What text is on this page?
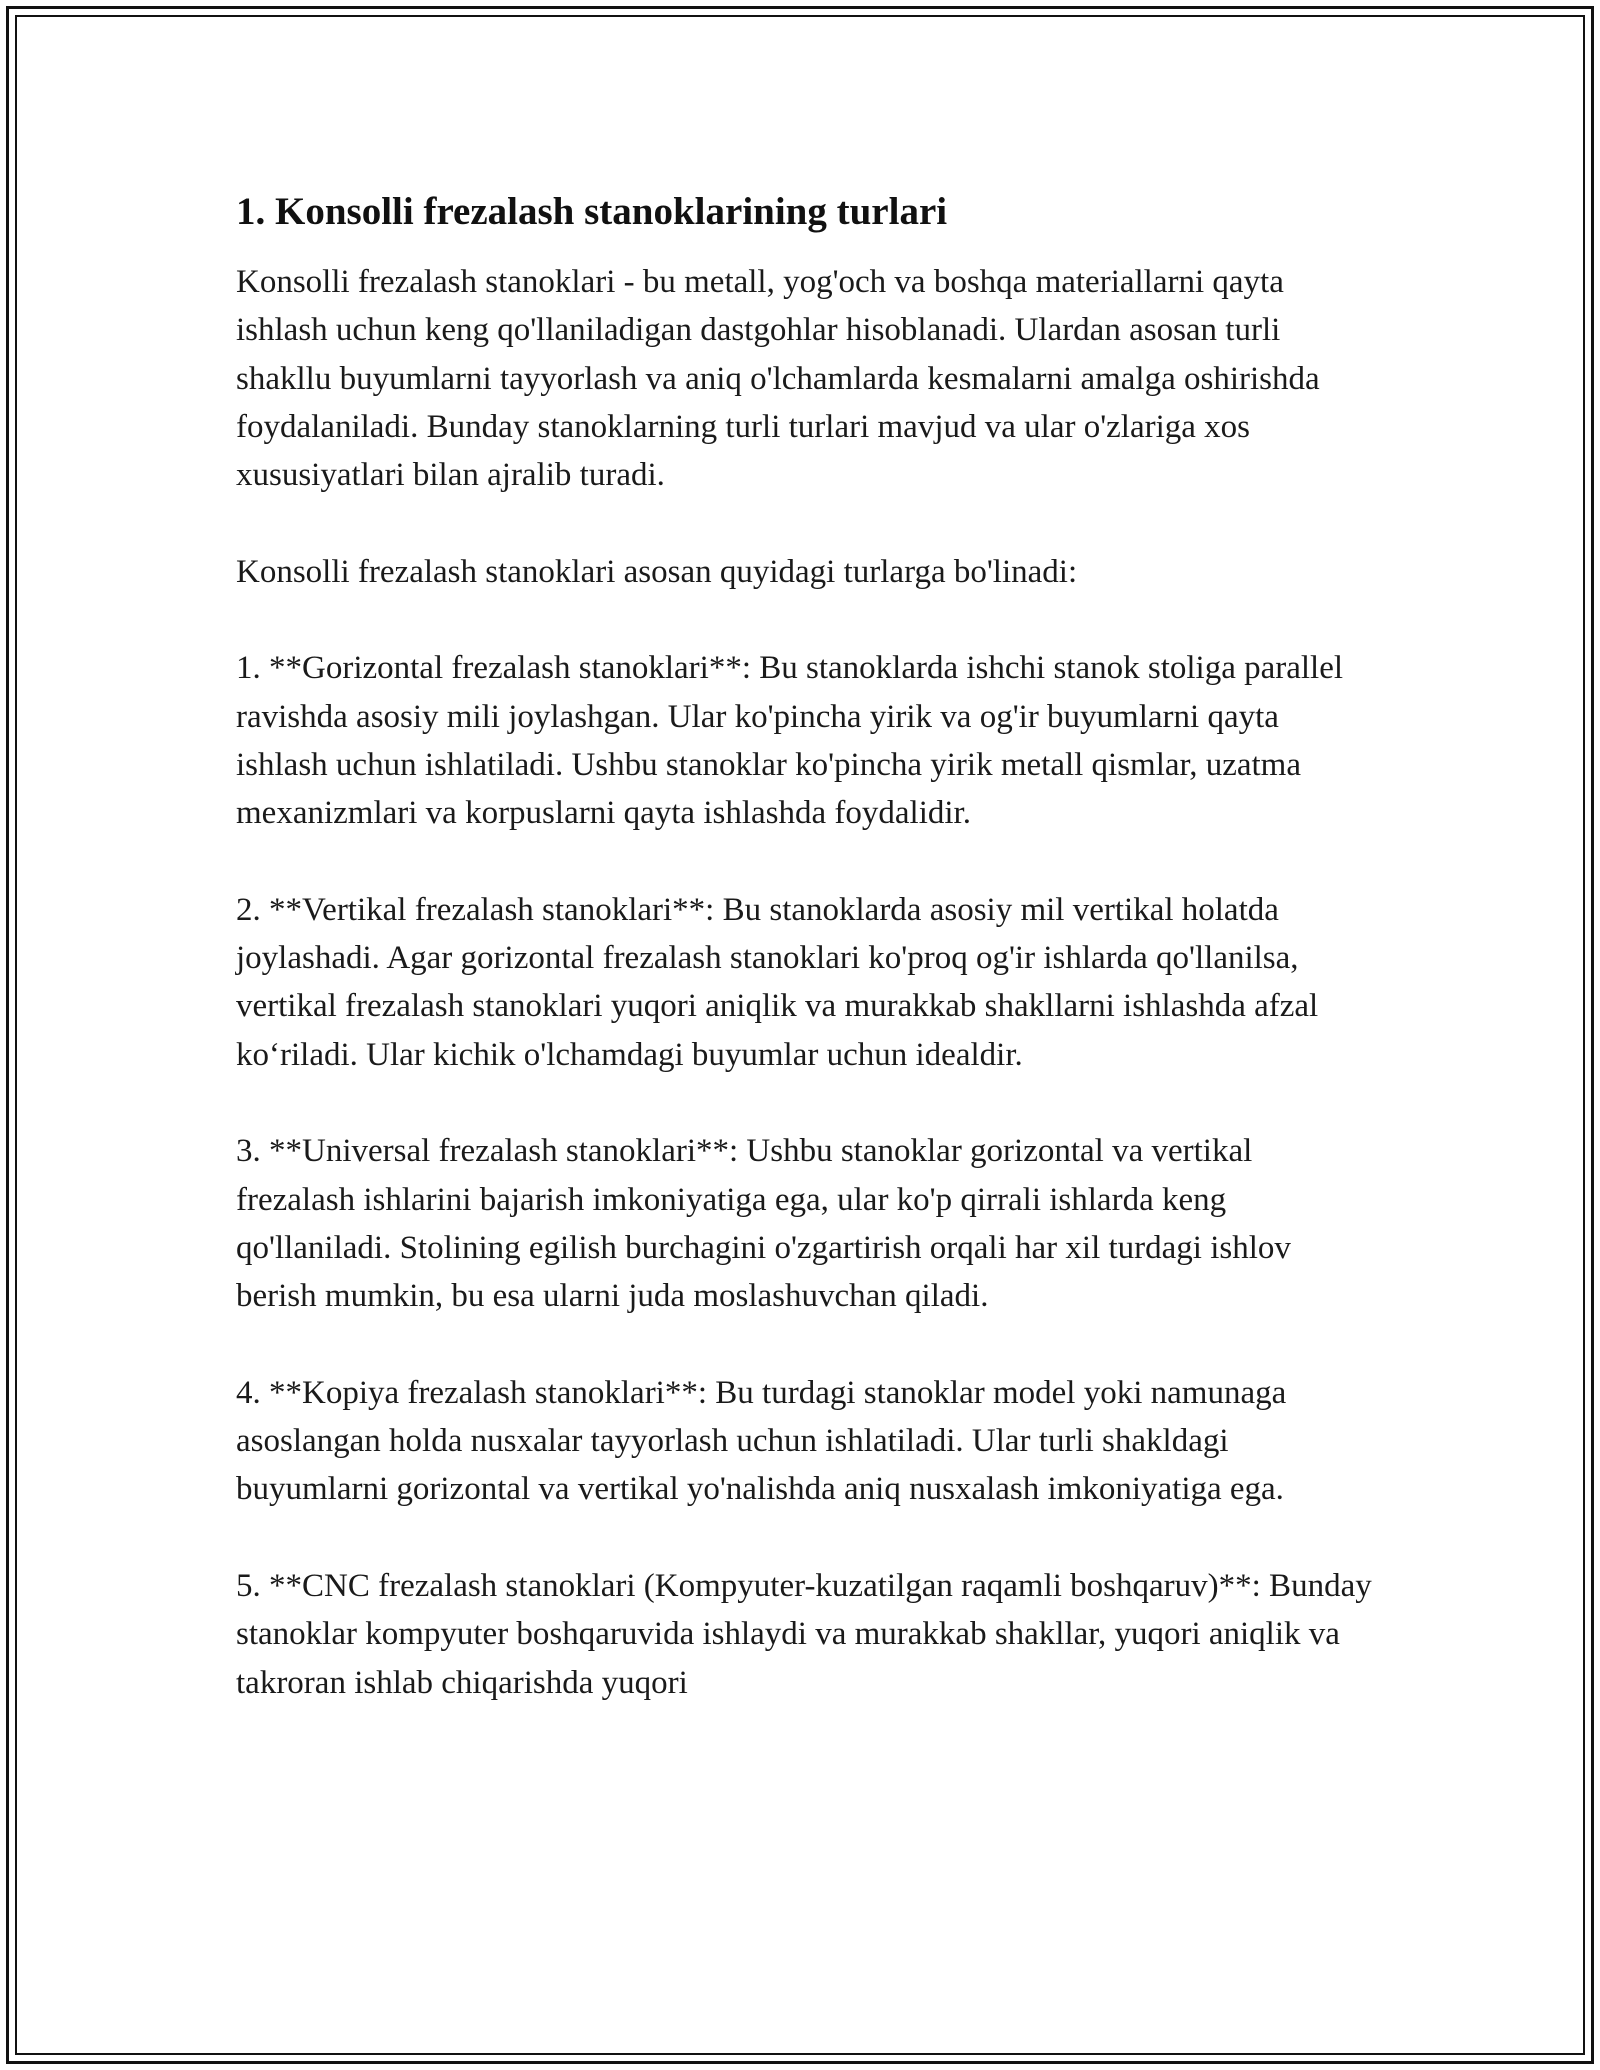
1. Konsolli frezalash stanoklarining turlari

Konsolli frezalash stanoklari - bu metall, yog'och va boshqa materiallarni qayta ishlash uchun keng qo'llaniladigan dastgohlar hisoblanadi. Ulardan asosan turli shakllu buyumlarni tayyorlash va aniq o'lchamlarda kesmalarni amalga oshirishda foydalaniladi. Bunday stanoklarning turli turlari mavjud va ular o'zlariga xos xususiyatlari bilan ajralib turadi.

Konsolli frezalash stanoklari asosan quyidagi turlarga bo'linadi:

1. **Gorizontal frezalash stanoklari**: Bu stanoklarda ishchi stanok stoliga parallel ravishda asosiy mili joylashgan. Ular ko'pincha yirik va og'ir buyumlarni qayta ishlash uchun ishlatiladi. Ushbu stanoklar ko'pincha yirik metall qismlar, uzatma mexanizmlari va korpuslarni qayta ishlashda foydalidir.

2. **Vertikal frezalash stanoklari**: Bu stanoklarda asosiy mil vertikal holatda joylashadi. Agar gorizontal frezalash stanoklari ko'proq og'ir ishlarda qo'llanilsa, vertikal frezalash stanoklari yuqori aniqlik va murakkab shakllarni ishlashda afzal ko‘riladi. Ular kichik o'lchamdagi buyumlar uchun idealdir.

3. **Universal frezalash stanoklari**: Ushbu stanoklar gorizontal va vertikal frezalash ishlarini bajarish imkoniyatiga ega, ular ko'p qirrali ishlarda keng qo'llaniladi. Stolining egilish burchagini o'zgartirish orqali har xil turdagi ishlov berish mumkin, bu esa ularni juda moslashuvchan qiladi.

4. **Kopiya frezalash stanoklari**: Bu turdagi stanoklar model yoki namunaga asoslangan holda nusxalar tayyorlash uchun ishlatiladi. Ular turli shakldagi buyumlarni gorizontal va vertikal yo'nalishda aniq nusxalash imkoniyatiga ega.

5. **CNC frezalash stanoklari (Kompyuter-kuzatilgan raqamli boshqaruv)**: Bunday stanoklar kompyuter boshqaruvida ishlaydi va murakkab shakllar, yuqori aniqlik va takroran ishlab chiqarishda yuqori
